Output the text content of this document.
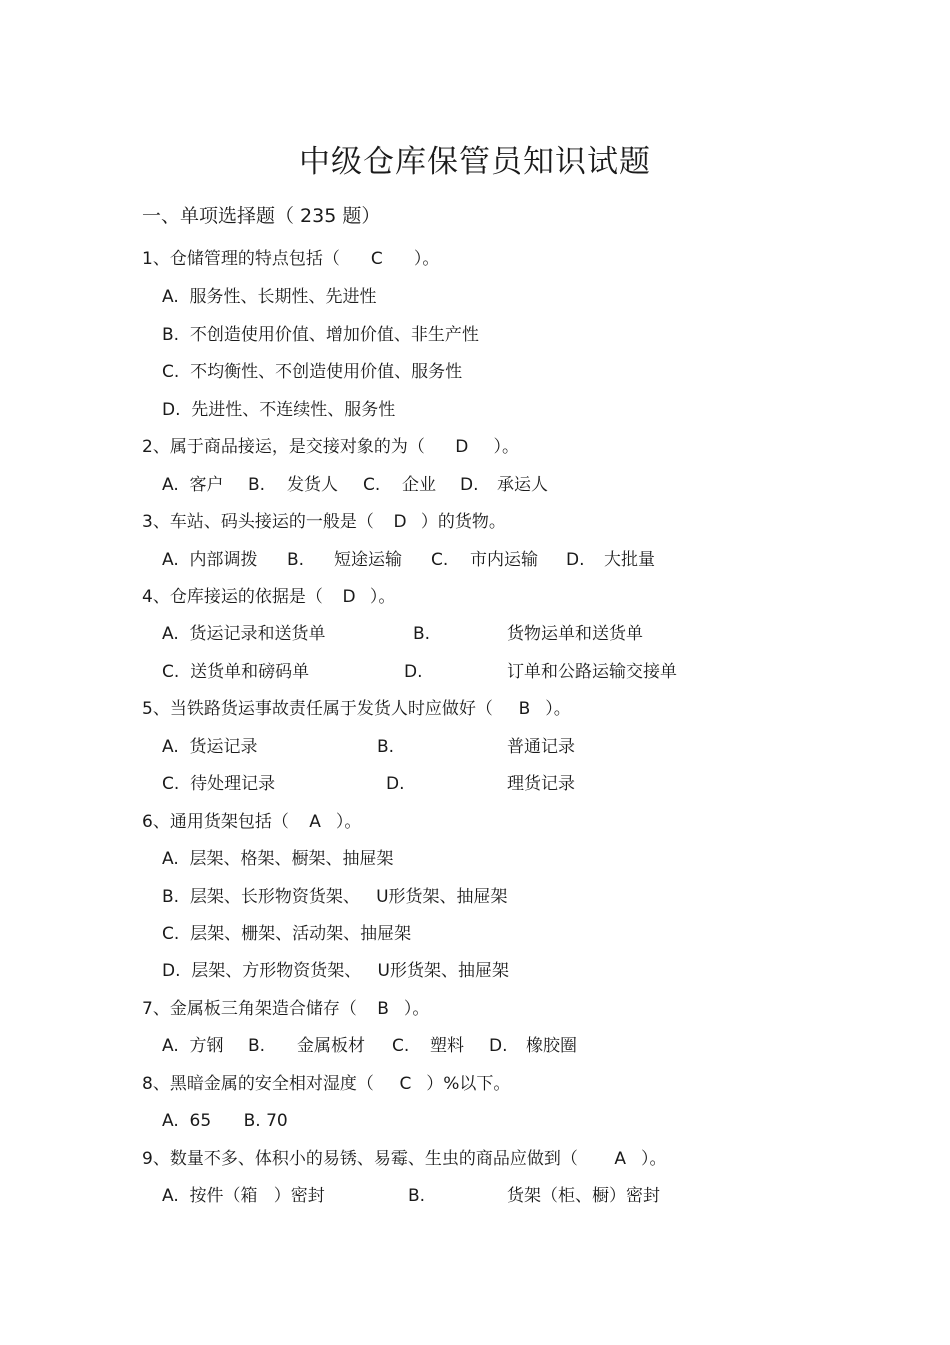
中级仓库保管员知识试题
一、单项选择题（ 235 题）
1、仓储管理的特点包括（     C     ）。
A.  服务性、长期性、先进性
B.  不创造使用价值、增加价值、非生产性
C.  不均衡性、不创造使用价值、服务性
D.  先进性、不连续性、服务性
2、属于商品接运，是交接对象的为（     D    ）。
A.  客户 B. 发货人 C. 企业 D. 承运人
3、车站、码头接运的一般是（   D  ）的货物。
A.  内部调拨 B. 短途运输 C. 市内运输 D. 大批量
4、仓库接运的依据是（   D  ）。
A.  货运记录和送货单	B.	货物运单和送货单
C.  送货单和磅码单	D.	订单和公路运输交接单
5、当铁路货运事故责任属于发货人时应做好（    B  ）。
A.  货运记录	B.	普通记录
C.  待处理记录	D.	理货记录
6、通用货架包括（   A  ）。
A.  层架、格架、橱架、抽屉架
B.  层架、长形物资货架、   U形货架、抽屉架
C.  层架、栅架、活动架、抽屉架
D.  层架、方形物资货架、   U形货架、抽屉架
7、金属板三角架造合储存（   B  ）。
A.  方钢 B. 金属板材 C. 塑料 D. 橡胶圈
8、黑暗金属的安全相对湿度（    C  ）%以下。
A.  65      B. 70
9、数量不多、体积小的易锈、易霉、生虫的商品应做到（      A  ）。
A.  按件（箱   ）密封	B.	货架（柜、橱）密封
